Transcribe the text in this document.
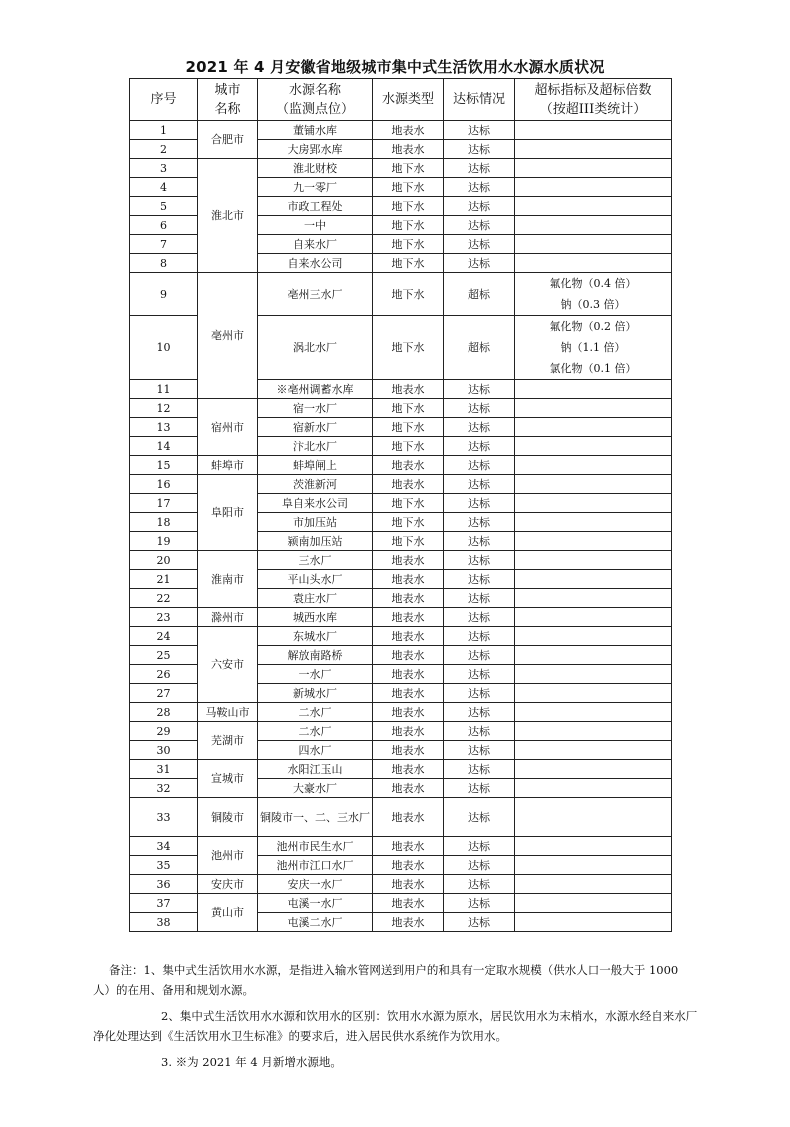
2021 年 4 月安徽省地级城市集中式生活饮用水水源水质状况
序号	城市
名称	水源名称
（监测点位）	水源类型	达标情况	超标指标及超标倍数
（按超III类统计）
1	合肥市	董铺水库	地表水	达标	
2		大房郢水库	地表水	达标	
3	淮北市	淮北财校	地下水	达标	
4		九一零厂	地下水	达标	
5		市政工程处	地下水	达标	
6		一中	地下水	达标	
7		自来水厂	地下水	达标	
8		自来水公司	地下水	达标	
9	亳州市	亳州三水厂	地下水	超标	氟化物（0.4 倍）
钠（0.3 倍）

10		涡北水厂	地下水	超标	氟化物（0.2 倍）
钠（1.1 倍）
氯化物（0.1 倍）

11		※亳州调蓄水库	地表水	达标	
12	宿州市	宿一水厂	地下水	达标	
13		宿新水厂	地下水	达标	
14		汴北水厂	地下水	达标	
15	蚌埠市	蚌埠闸上	地表水	达标	
16	阜阳市	茨淮新河	地表水	达标	
17		阜自来水公司	地下水	达标	
18		市加压站	地下水	达标	
19		颍南加压站	地下水	达标	
20	淮南市	三水厂	地表水	达标	
21		平山头水厂	地表水	达标	
22		袁庄水厂	地表水	达标	
23	滁州市	城西水库	地表水	达标	
24	六安市	东城水厂	地表水	达标	
25		解放南路桥	地表水	达标	
26		一水厂	地表水	达标	
27		新城水厂	地表水	达标	
28	马鞍山市	二水厂	地表水	达标	
29	芜湖市	二水厂	地表水	达标	
30		四水厂	地表水	达标	
31	宣城市	水阳江玉山	地表水	达标	
32		大豪水厂	地表水	达标	
33	铜陵市	铜陵市一、二、三水厂	地表水	达标	
34	池州市	池州市民生水厂	地表水	达标	
35		池州市江口水厂	地表水	达标	
36	安庆市	安庆一水厂	地表水	达标	
37	黄山市	屯溪一水厂	地表水	达标	
38		屯溪二水厂	地表水	达标	

备注：1、集中式生活饮用水水源，是指进入输水管网送到用户的和具有一定取水规模（供水人口一般大于 1000 人）的在用、备用和规划水源。

2、集中式生活饮用水水源和饮用水的区别：饮用水水源为原水，居民饮用水为末梢水，水源水经自来水厂净化处理达到《生活饮用水卫生标准》的要求后，进入居民供水系统作为饮用水。

3. ※为 2021 年 4 月新增水源地。
